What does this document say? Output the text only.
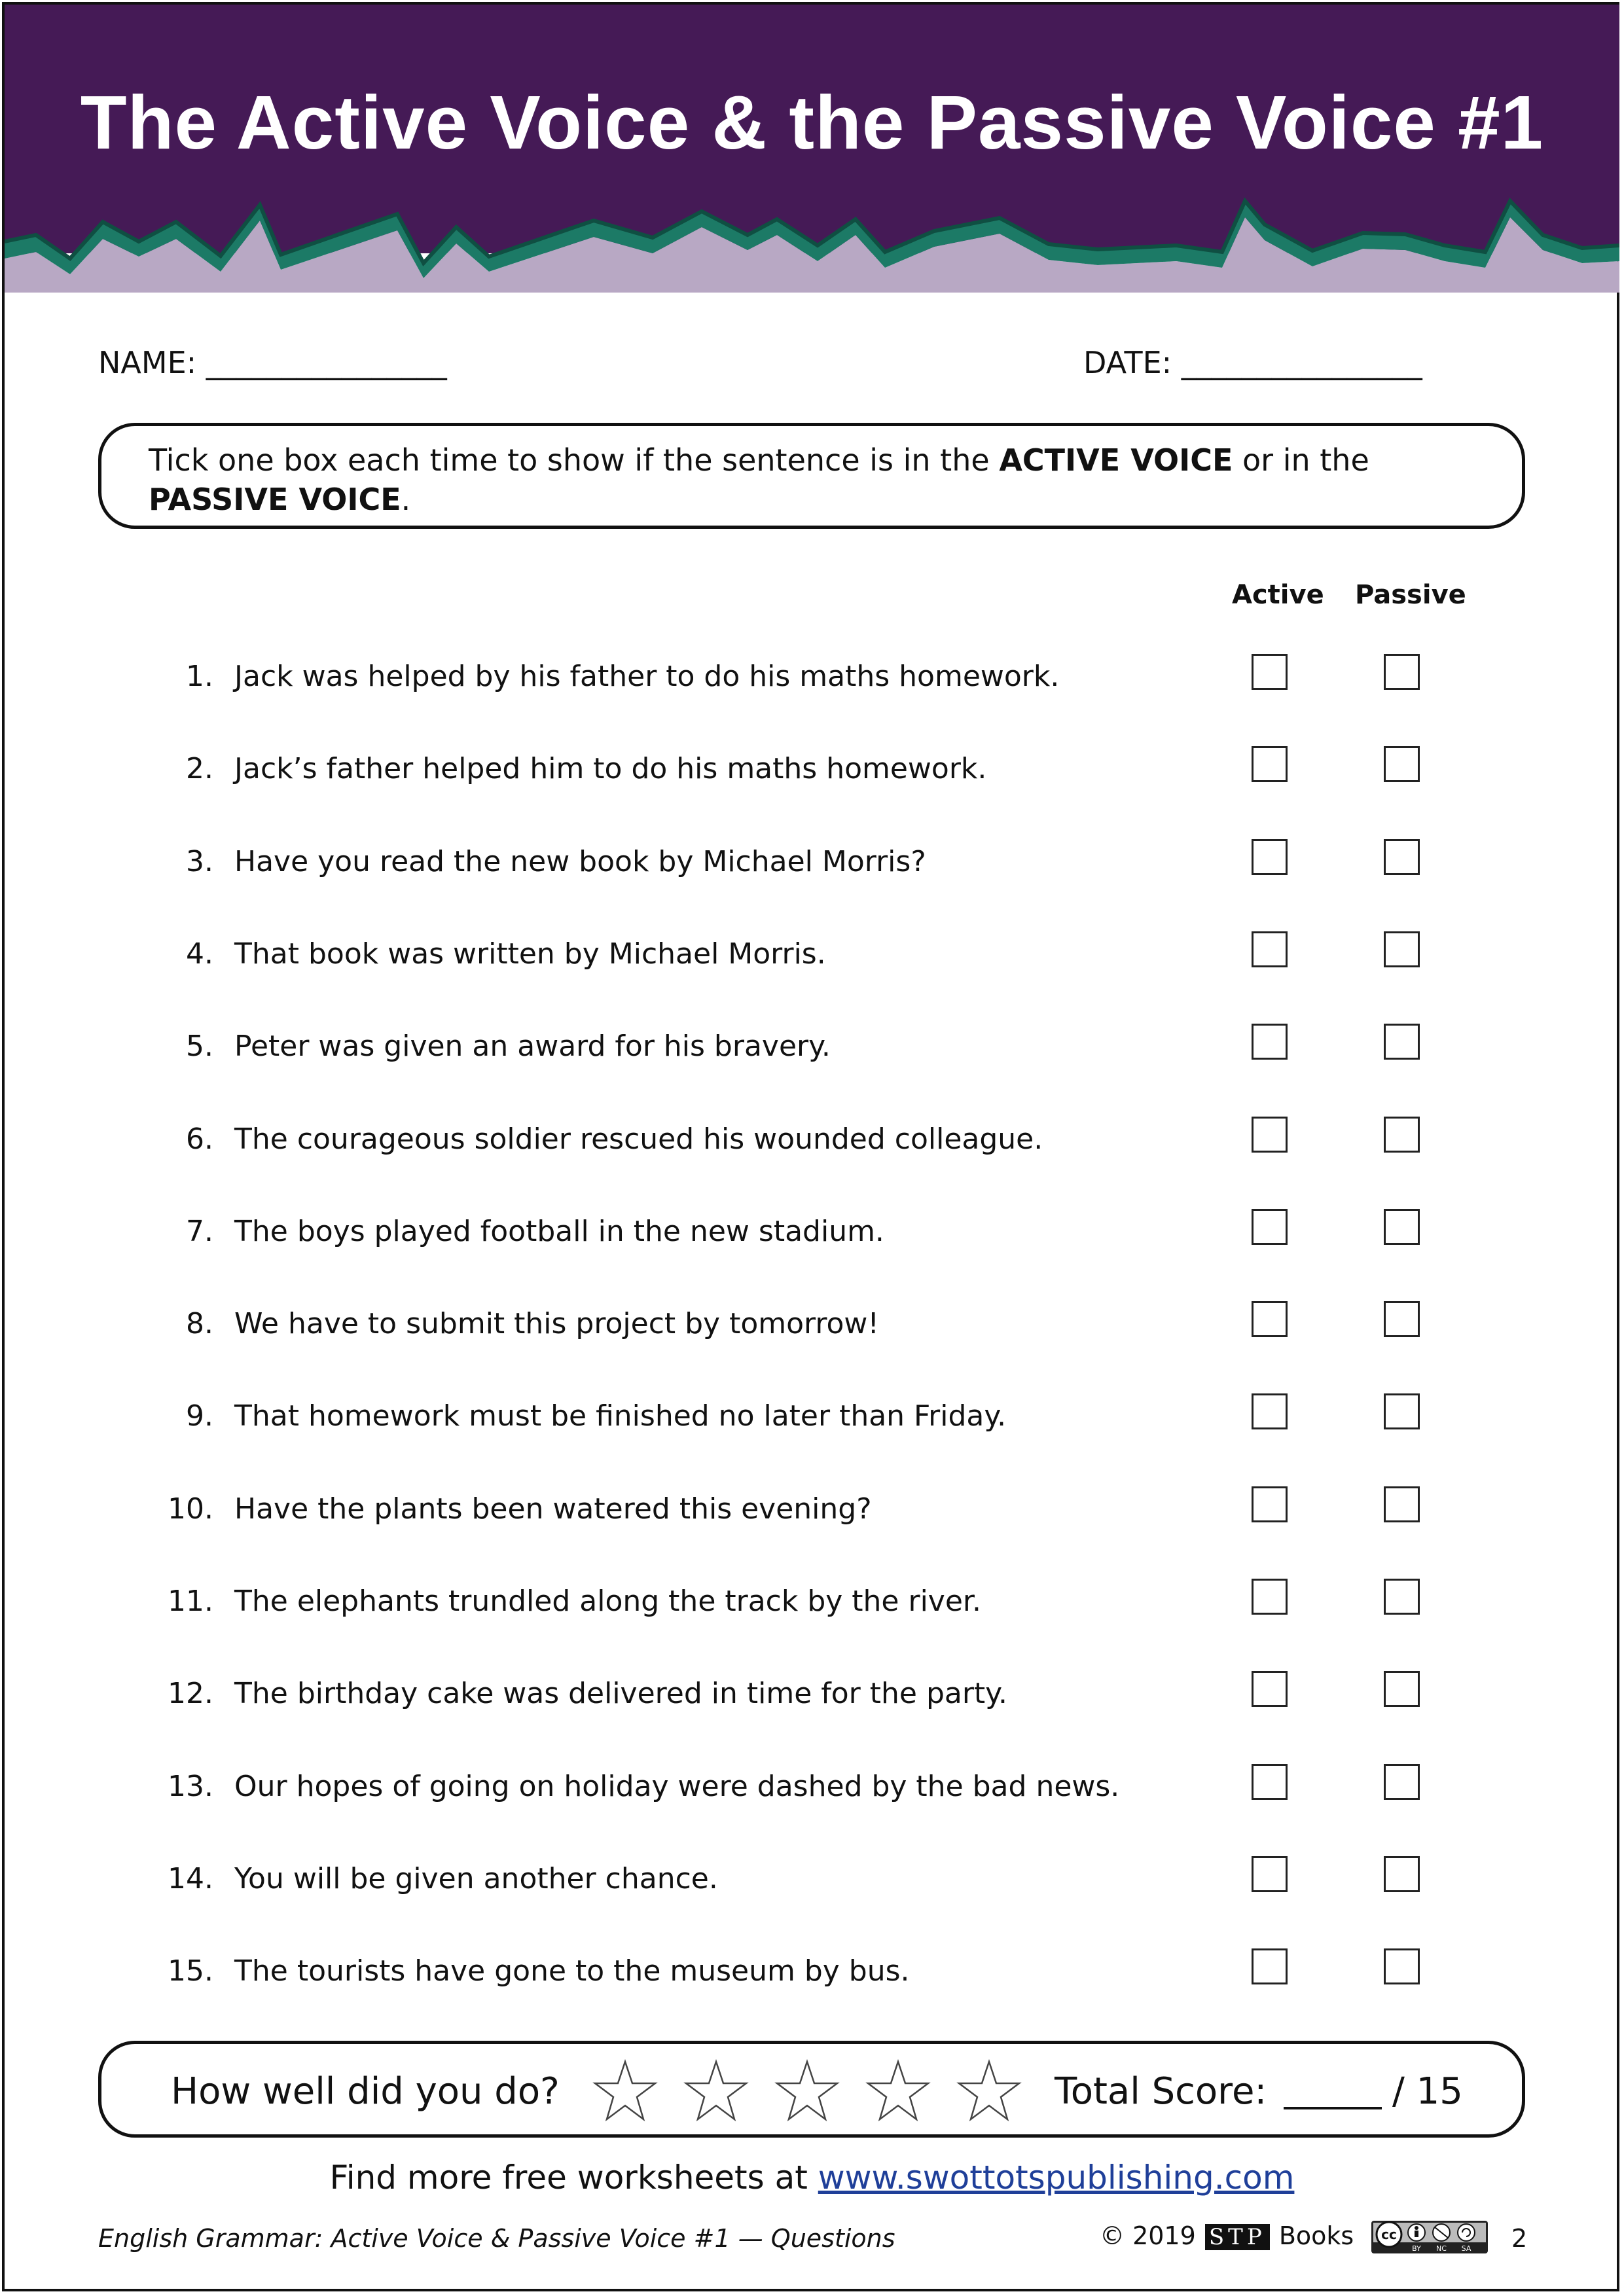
The Active Voice & the Passive Voice #1
NAME: ________________	DATE: ________________
Tick one box each time to show if the sentence is in the ACTIVE VOICE or in the PASSIVE VOICE.
Active Passive
1. Jack was helped by his father to do his maths homework.
2. Jack’s father helped him to do his maths homework.
3. Have you read the new book by Michael Morris?
4. That book was written by Michael Morris.
5. Peter was given an award for his bravery.
6. The courageous soldier rescued his wounded colleague.
7. The boys played football in the new stadium.
8. We have to submit this project by tomorrow!
9. That homework must be finished no later than Friday.
10. Have the plants been watered this evening?
11. The elephants trundled along the track by the river.
12. The birthday cake was delivered in time for the party.
13. Our hopes of going on holiday were dashed by the bad news.
14. You will be given another chance.
15. The tourists have gone to the museum by bus.
How well did you do?	Total Score:	/ 15
Find more free worksheets at www.swottotspublishing.com
English Grammar: Active Voice & Passive Voice #1 — Questions	© 2019 STP Books cc
BY NC SA 2
